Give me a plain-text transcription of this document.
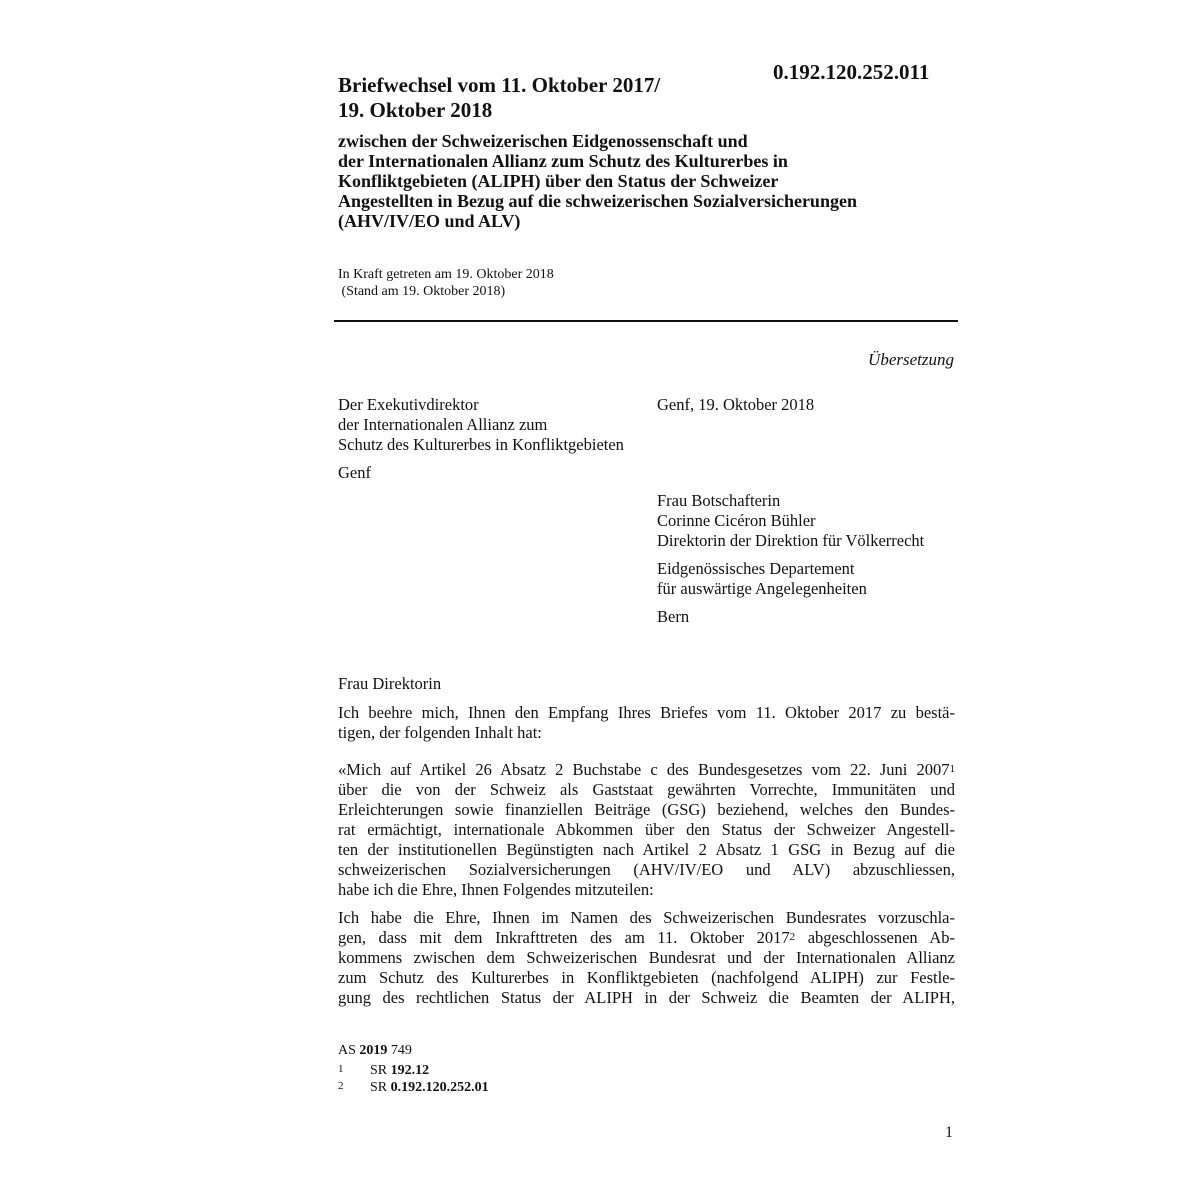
0.192.120.252.011
Briefwechsel vom 11. Oktober 2017/
19. Oktober 2018
zwischen der Schweizerischen Eidgenossenschaft und
der Internationalen Allianz zum Schutz des Kulturerbes in
Konfliktgebieten (ALIPH) über den Status der Schweizer
Angestellten in Bezug auf die schweizerischen Sozialversicherungen
(AHV/IV/EO und ALV)
In Kraft getreten am 19. Oktober 2018
(Stand am 19. Oktober 2018)
Übersetzung
Der Exekutivdirektor
der Internationalen Allianz zum
Schutz des Kulturerbes in Konfliktgebieten
Genf
Genf, 19. Oktober 2018
Frau Botschafterin
Corinne Cicéron Bühler
Direktorin der Direktion für Völkerrecht
Eidgenössisches Departement
für auswärtige Angelegenheiten
Bern
Frau Direktorin
Ich beehre mich, Ihnen den Empfang Ihres Briefes vom 11. Oktober 2017 zu bestä-
tigen, der folgenden Inhalt hat:
«Mich auf Artikel 26 Absatz 2 Buchstabe c des Bundesgesetzes vom 22. Juni 2007$^1$
über die von der Schweiz als Gaststaat gewährten Vorrechte, Immunitäten und
Erleichterungen sowie finanziellen Beiträge (GSG) beziehend, welches den Bundes-
rat ermächtigt, internationale Abkommen über den Status der Schweizer Angestell-
ten der institutionellen Begünstigten nach Artikel 2 Absatz 1 GSG in Bezug auf die
schweizerischen Sozialversicherungen (AHV/IV/EO und ALV) abzuschliessen,
habe ich die Ehre, Ihnen Folgendes mitzuteilen:
Ich habe die Ehre, Ihnen im Namen des Schweizerischen Bundesrates vorzuschla-
gen, dass mit dem Inkrafttreten des am 11. Oktober 2017$^2$ abgeschlossenen Ab-
kommens zwischen dem Schweizerischen Bundesrat und der Internationalen Allianz
zum Schutz des Kulturerbes in Konfliktgebieten (nachfolgend ALIPH) zur Festle-
gung des rechtlichen Status der ALIPH in der Schweiz die Beamten der ALIPH,
AS 2019 749
1	SR 192.12
2	SR 0.192.120.252.01
1
